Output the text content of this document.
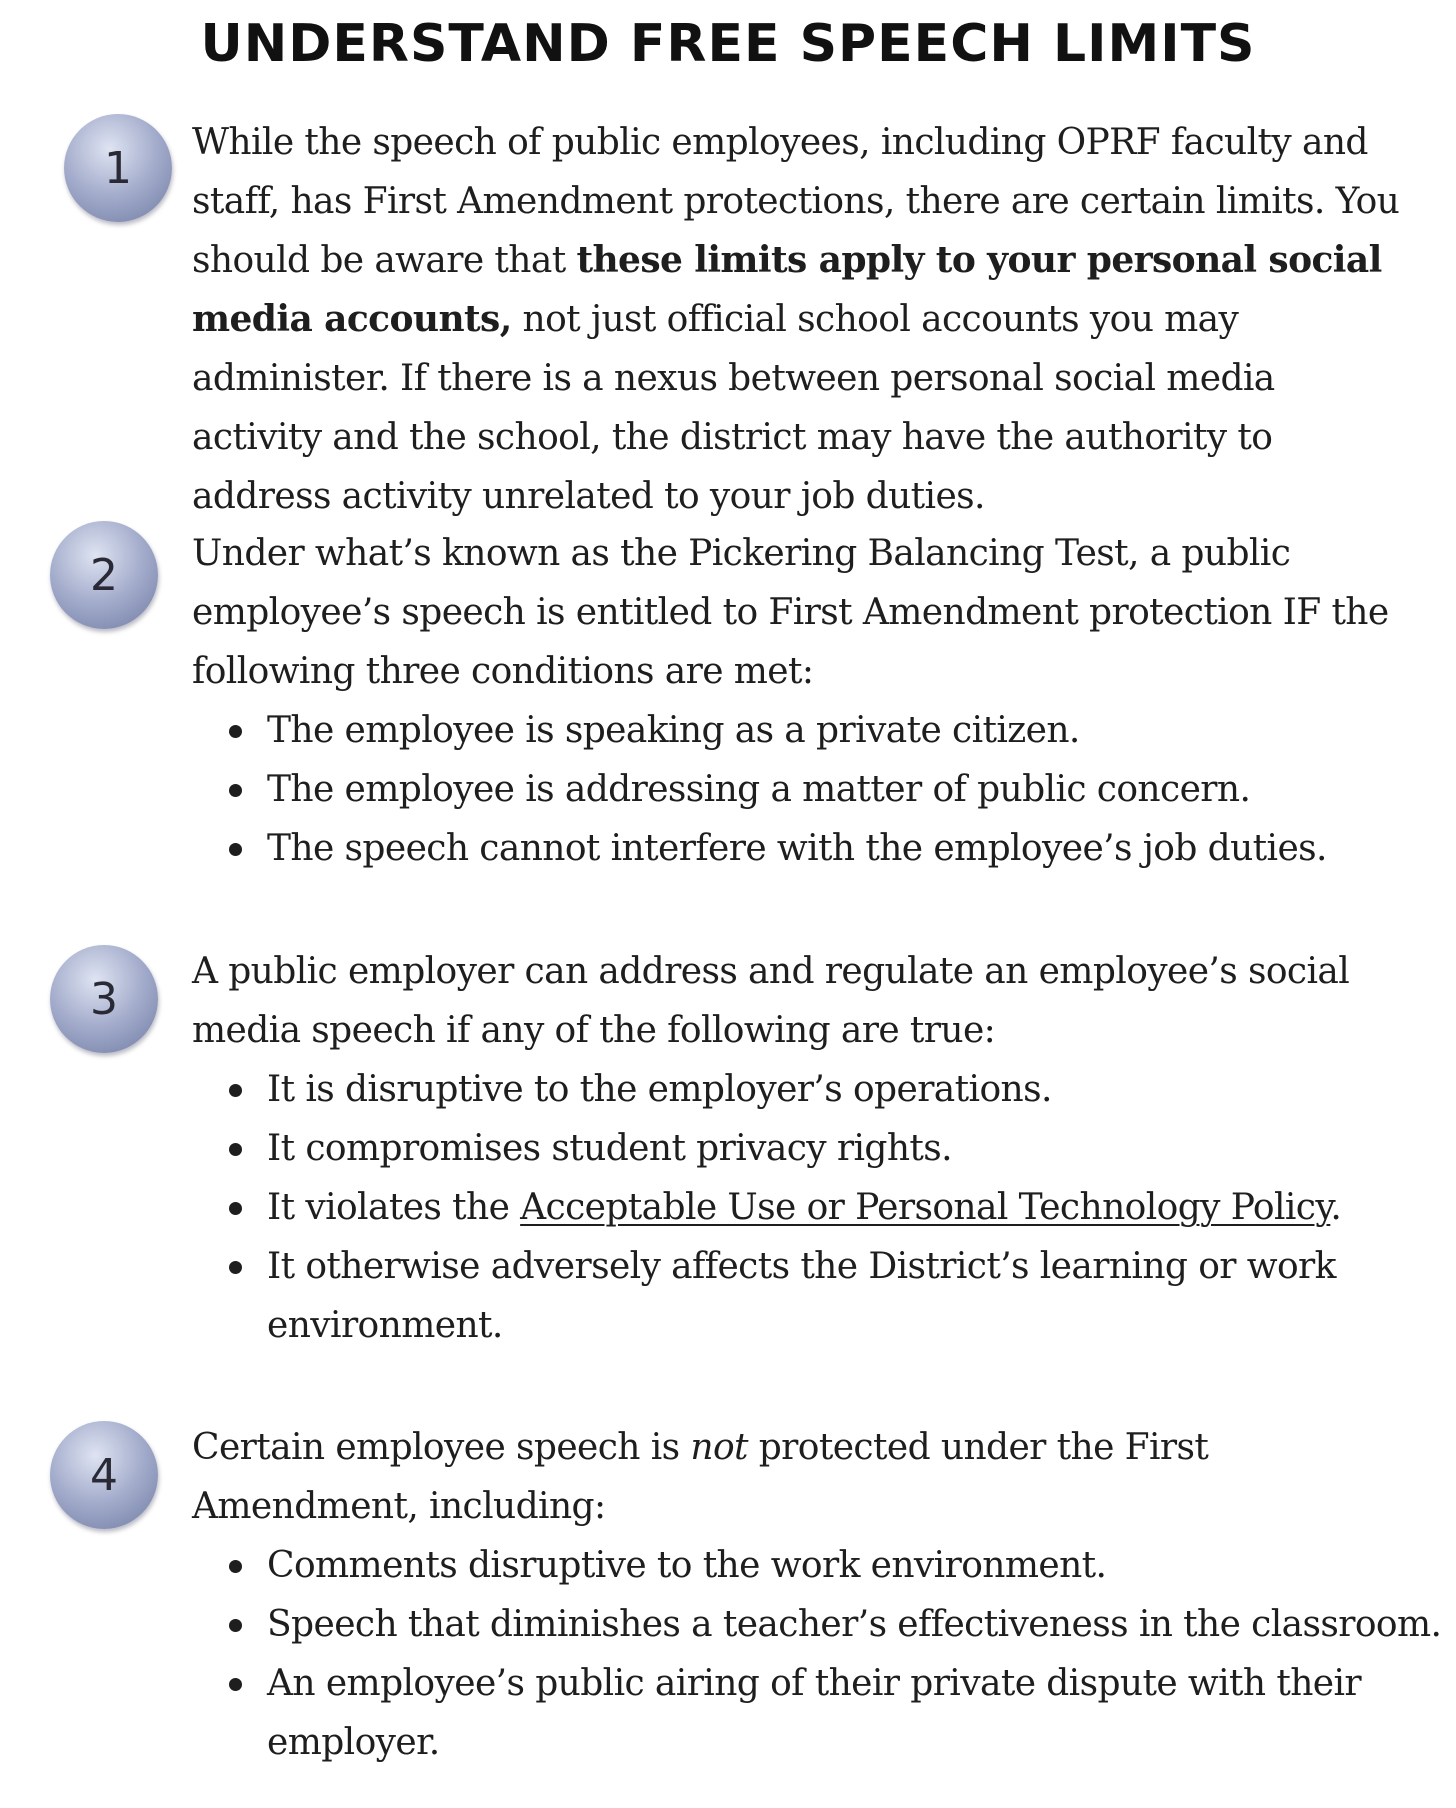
UNDERSTAND FREE SPEECH LIMITS
1 While the speech of public employees, including OPRF faculty and staff, has First Amendment protections, there are certain limits. You should be aware that these limits apply to your personal social media accounts, not just official school accounts you may administer. If there is a nexus between personal social media activity and the school, the district may have the authority to address activity unrelated to your job duties.

2 Under what’s known as the Pickering Balancing Test, a public employee’s speech is entitled to First Amendment protection IF the following three conditions are met:

The employee is speaking as a private citizen.
The employee is addressing a matter of public concern.
The speech cannot interfere with the employee’s job duties.
3

A public employer can address and regulate an employee’s social media speech if any of the following are true:

It is disruptive to the employer’s operations.
It compromises student privacy rights.
It violates the Acceptable Use or Personal Technology Policy.
It otherwise adversely affects the District’s learning or work environment.
4

Certain employee speech is not protected under the First Amendment, including:

Comments disruptive to the work environment.
Speech that diminishes a teacher’s effectiveness in the classroom.
An employee’s public airing of their private dispute with their employer.
